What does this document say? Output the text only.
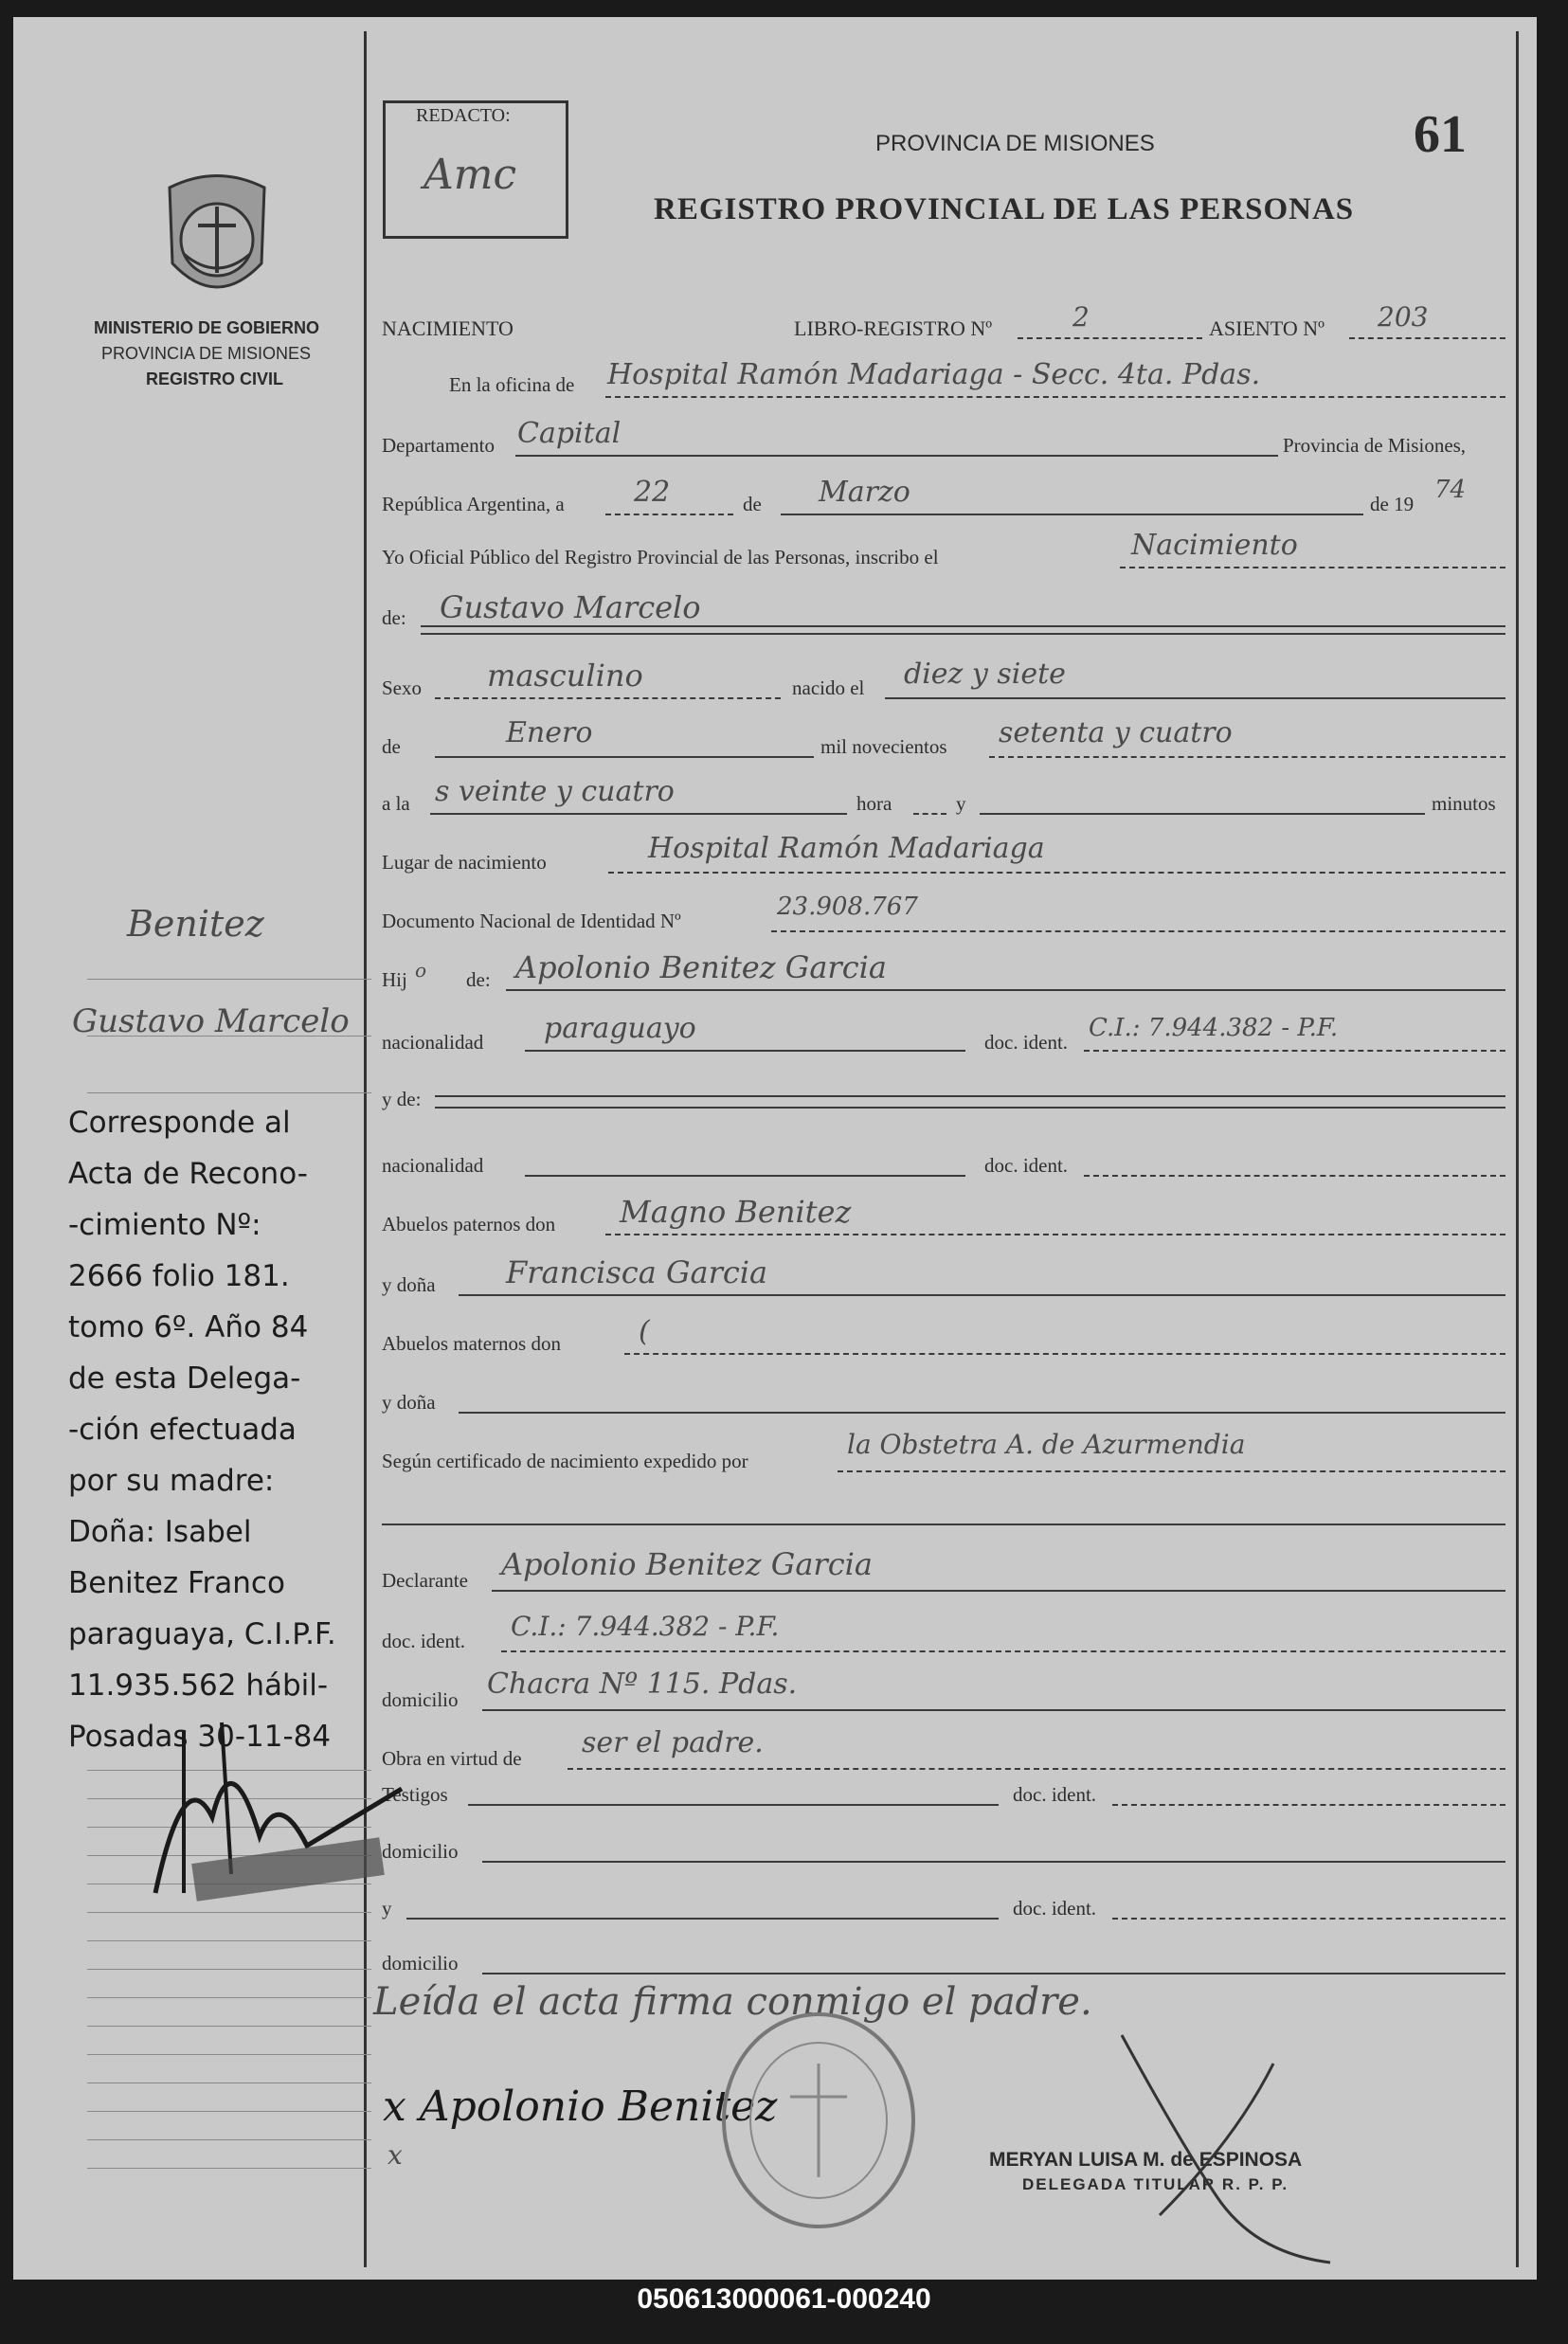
MINISTERIO DE GOBIERNO
PROVINCIA DE MISIONES
REGISTRO CIVIL
REDACTO:
Amc
PROVINCIA DE MISIONES
REGISTRO PROVINCIAL DE LAS PERSONAS
61
NACIMIENTO	LIBRO-REGISTRO Nº	2	ASIENTO Nº 203
En la oficina de Hospital Ramón Madariaga - Secc. 4ta. Pdas.
Departamento Capital	Provincia de Misiones,
República Argentina, a 22	de Marzo	de 19 74
Yo Oficial Público del Registro Provincial de las Personas, inscribo el	Nacimiento
de: Gustavo Marcelo
Sexo masculino	nacido el diez y siete
de	Enero	mil novecientos setenta y cuatro
a la s veinte y cuatro	hora	y	minutos
Lugar de nacimiento	Hospital Ramón Madariaga
Documento Nacional de Identidad Nº	23.908.767
Hij o de: Apolonio Benitez Garcia
nacionalidad paraguayo	doc. ident. C.I.: 7.944.382 - P.F.
y de:
nacionalidad	doc. ident.
Abuelos paternos don Magno Benitez
y doña Francisca Garcia
Abuelos maternos don	(
y doña
Según certificado de nacimiento expedido por
la Obstetra A. de Azurmendia
Declarante Apolonio Benitez Garcia
doc. ident. C.I.: 7.944.382 - P.F.
domicilio Chacra Nº 115. Pdas.
Obra en virtud de ser el padre.
Testigos	doc. ident.
domicilio
y	doc. ident.
domicilio
Leída el acta firma conmigo el padre.
x Apolonio Benitez
x	MERYAN LUISA M. de ESPINOSA
DELEGADA TITULAR R. P. P.
Benitez
Gustavo Marcelo
Corresponde al
Acta de Recono-
-cimiento Nº:
2666 folio 181.
tomo 6º. Año 84
de esta Delega-
-ción efectuada
por su madre:
Doña: Isabel
Benitez Franco
paraguaya, C.I.P.F.
11.935.562 hábil-
Posadas 30-11-84
050613000061-000240
